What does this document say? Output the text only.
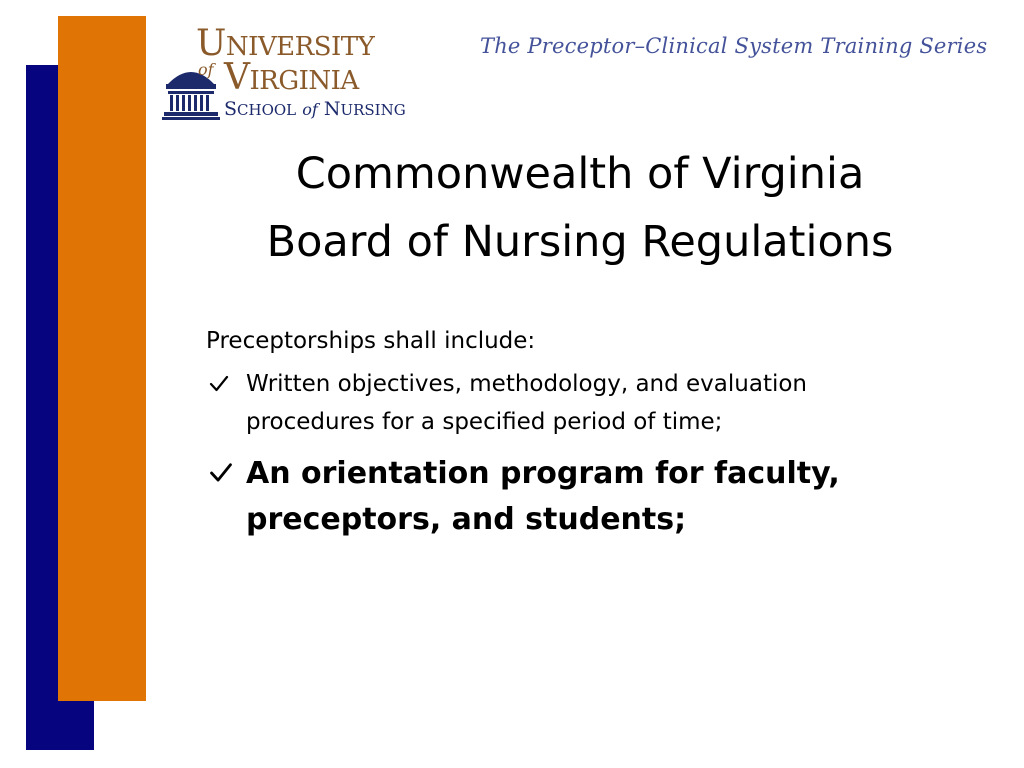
UNIVERSITY
of VIRGINIA
SCHOOL of NURSING
The Preceptor–Clinical System Training Series
Commonwealth of Virginia
Board of Nursing Regulations
Preceptorships shall include:
Written objectives, methodology, and evaluation
procedures for a specified period of time;
An orientation program for faculty,
preceptors, and students;
